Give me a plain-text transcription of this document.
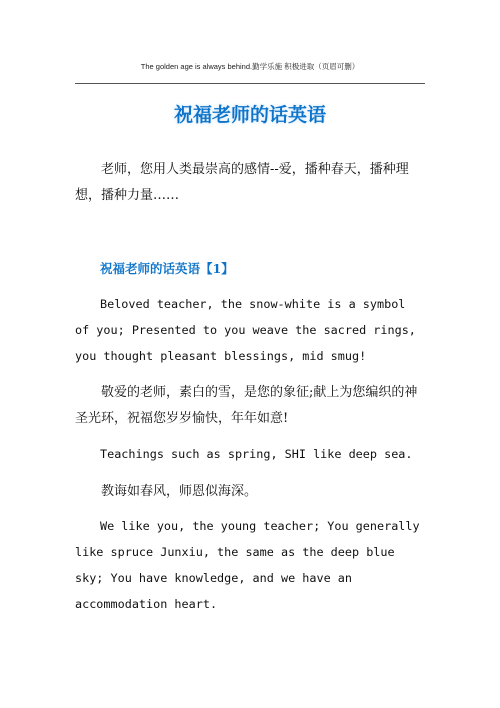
The golden age is always behind.勤学乐施 积极进取（页眉可删）
祝福老师的话英语

老师，您用人类最崇高的感情--爱，播种春天，播种理想，播种力量……

祝福老师的话英语【1】

Beloved teacher, the snow-white is a symbol of you; Presented to you weave the sacred rings, you thought pleasant blessings, mid smug!

敬爱的老师，素白的雪，是您的象征;献上为您编织的神圣光环，祝福您岁岁愉快，年年如意!

Teachings such as spring, SHI like deep sea.

教诲如春风，师恩似海深。

We like you, the young teacher; You generally like spruce Junxiu, the same as the deep blue sky; You have knowledge, and we have an accommodation heart.
